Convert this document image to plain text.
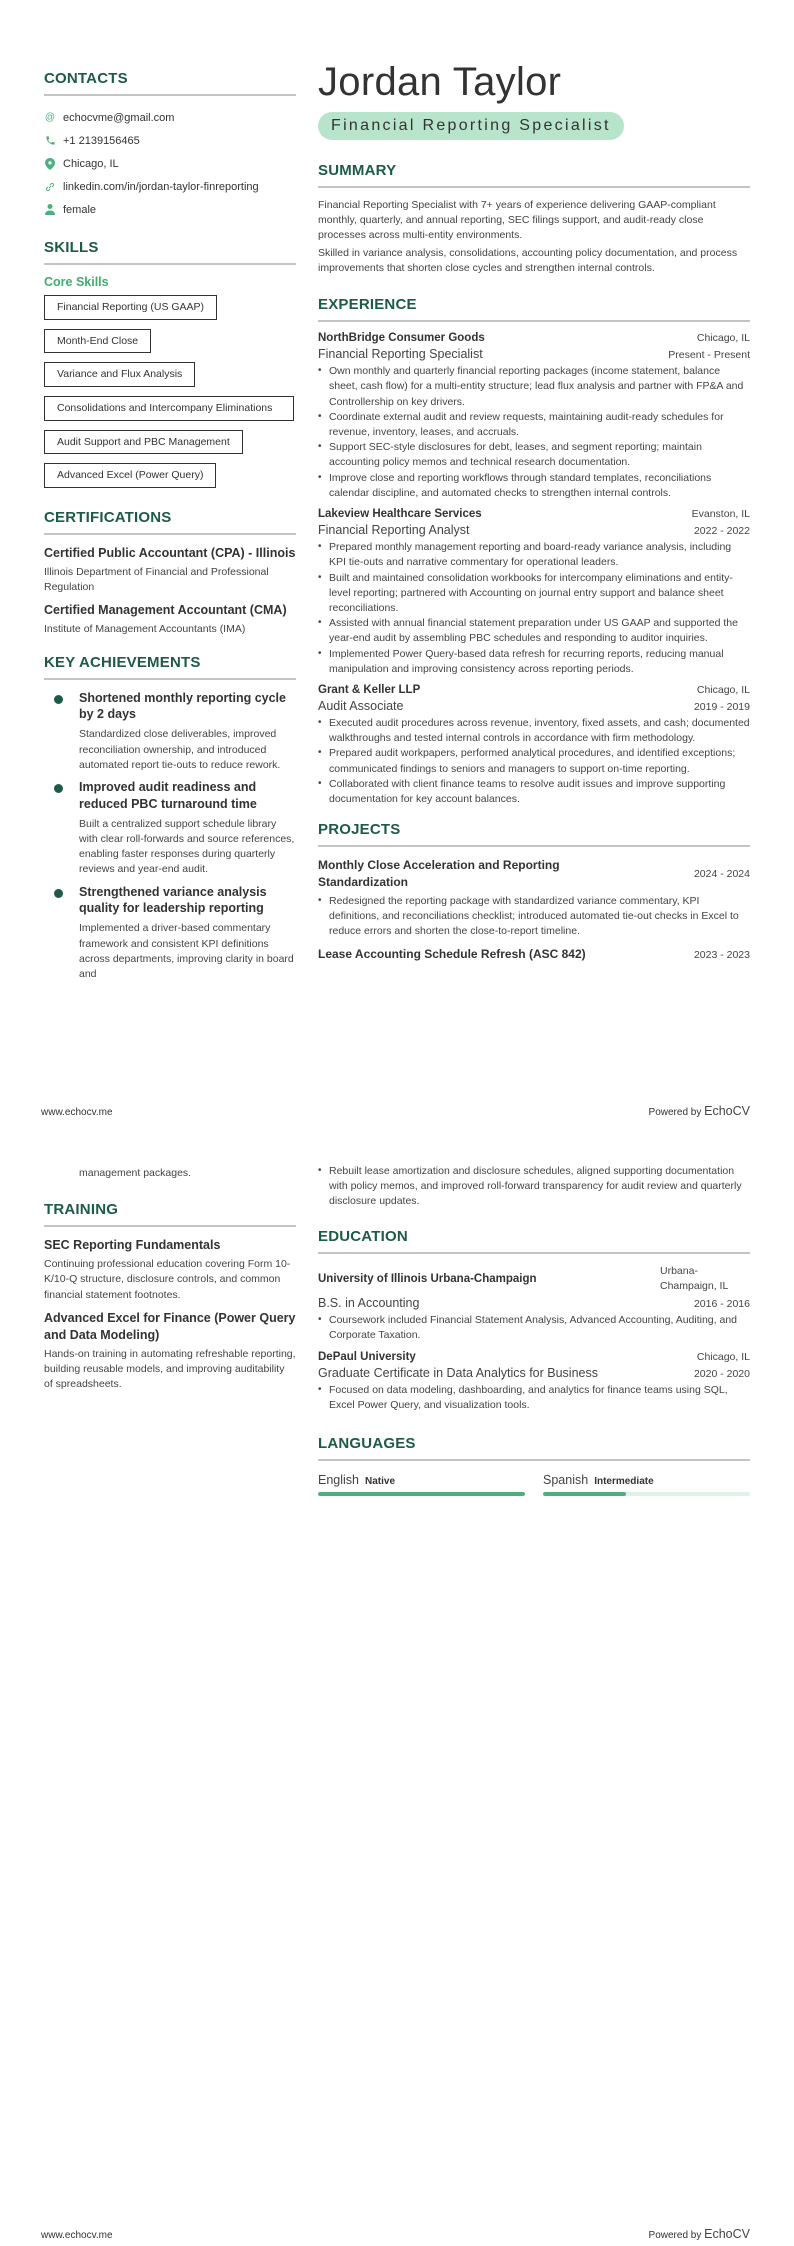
CONTACTS
@ echocvme@gmail.com
+1 2139156465
Chicago, IL
linkedin.com/in/jordan-taylor-finreporting
female
SKILLS
Core Skills
Financial Reporting (US GAAP)
Month-End Close
Variance and Flux Analysis
Consolidations and Intercompany Eliminations
Audit Support and PBC Management
Advanced Excel (Power Query)
CERTIFICATIONS
Certified Public Accountant (CPA) - Illinois
Illinois Department of Financial and Professional Regulation
Certified Management Accountant (CMA)
Institute of Management Accountants (IMA)
KEY ACHIEVEMENTS
Shortened monthly reporting cycle by 2 days
Standardized close deliverables, improved reconciliation ownership, and introduced automated report tie-outs to reduce rework.
Improved audit readiness and reduced PBC turnaround time
Built a centralized support schedule library with clear roll-forwards and source references, enabling faster responses during quarterly reviews and year-end audit.
Strengthened variance analysis quality for leadership reporting
Implemented a driver-based commentary framework and consistent KPI definitions across departments, improving clarity in board and
Jordan Taylor
Financial Reporting Specialist
SUMMARY

Financial Reporting Specialist with 7+ years of experience delivering GAAP-compliant monthly, quarterly, and annual reporting, SEC filings support, and audit-ready close processes across multi-entity environments.

Skilled in variance analysis, consolidations, accounting policy documentation, and process improvements that shorten close cycles and strengthen internal controls.

EXPERIENCE
NorthBridge Consumer Goods	Chicago, IL
Financial Reporting Specialist	Present - Present
• Own monthly and quarterly financial reporting packages (income statement, balance sheet, cash flow) for a multi-entity structure; lead flux analysis and partner with FP&A and Controllership on key drivers.
• Coordinate external audit and review requests, maintaining audit-ready schedules for revenue, inventory, leases, and accruals.
• Support SEC-style disclosures for debt, leases, and segment reporting; maintain accounting policy memos and technical research documentation.
• Improve close and reporting workflows through standard templates, reconciliations calendar discipline, and automated checks to strengthen internal controls.
Lakeview Healthcare Services	Evanston, IL
Financial Reporting Analyst	2022 - 2022
• Prepared monthly management reporting and board-ready variance analysis, including KPI tie-outs and narrative commentary for operational leaders.
• Built and maintained consolidation workbooks for intercompany eliminations and entity-level reporting; partnered with Accounting on journal entry support and balance sheet reconciliations.
• Assisted with annual financial statement preparation under US GAAP and supported the year-end audit by assembling PBC schedules and responding to auditor inquiries.
• Implemented Power Query-based data refresh for recurring reports, reducing manual manipulation and improving consistency across reporting periods.
Grant & Keller LLP	Chicago, IL
Audit Associate	2019 - 2019
• Executed audit procedures across revenue, inventory, fixed assets, and cash; documented walkthroughs and tested internal controls in accordance with firm methodology.
• Prepared audit workpapers, performed analytical procedures, and identified exceptions; communicated findings to seniors and managers to support on-time reporting.
• Collaborated with client finance teams to resolve audit issues and improve supporting documentation for key account balances.
PROJECTS
Monthly Close Acceleration and Reporting Standardization
2024 - 2024
• Redesigned the reporting package with standardized variance commentary, KPI definitions, and reconciliations checklist; introduced automated tie-out checks in Excel to reduce errors and shorten the close-to-report timeline.
Lease Accounting Schedule Refresh (ASC 842)	2023 - 2023
www.echocv.me	Powered by EchoCV
management packages.
TRAINING
SEC Reporting Fundamentals
Continuing professional education covering Form 10-K/10-Q structure, disclosure controls, and common financial statement footnotes.
Advanced Excel for Finance (Power Query and Data Modeling)
Hands-on training in automating refreshable reporting, building reusable models, and improving auditability of spreadsheets.
• Rebuilt lease amortization and disclosure schedules, aligned supporting documentation with policy memos, and improved roll-forward transparency for audit review and quarterly disclosure updates.
EDUCATION
University of Illinois Urbana-Champaign
Urbana-Champaign, IL
B.S. in Accounting	2016 - 2016
• Coursework included Financial Statement Analysis, Advanced Accounting, Auditing, and Corporate Taxation.
DePaul University	Chicago, IL
Graduate Certificate in Data Analytics for Business	2020 - 2020
• Focused on data modeling, dashboarding, and analytics for finance teams using SQL, Excel Power Query, and visualization tools.
LANGUAGES
English Native	Spanish Intermediate
www.echocv.me	Powered by EchoCV
